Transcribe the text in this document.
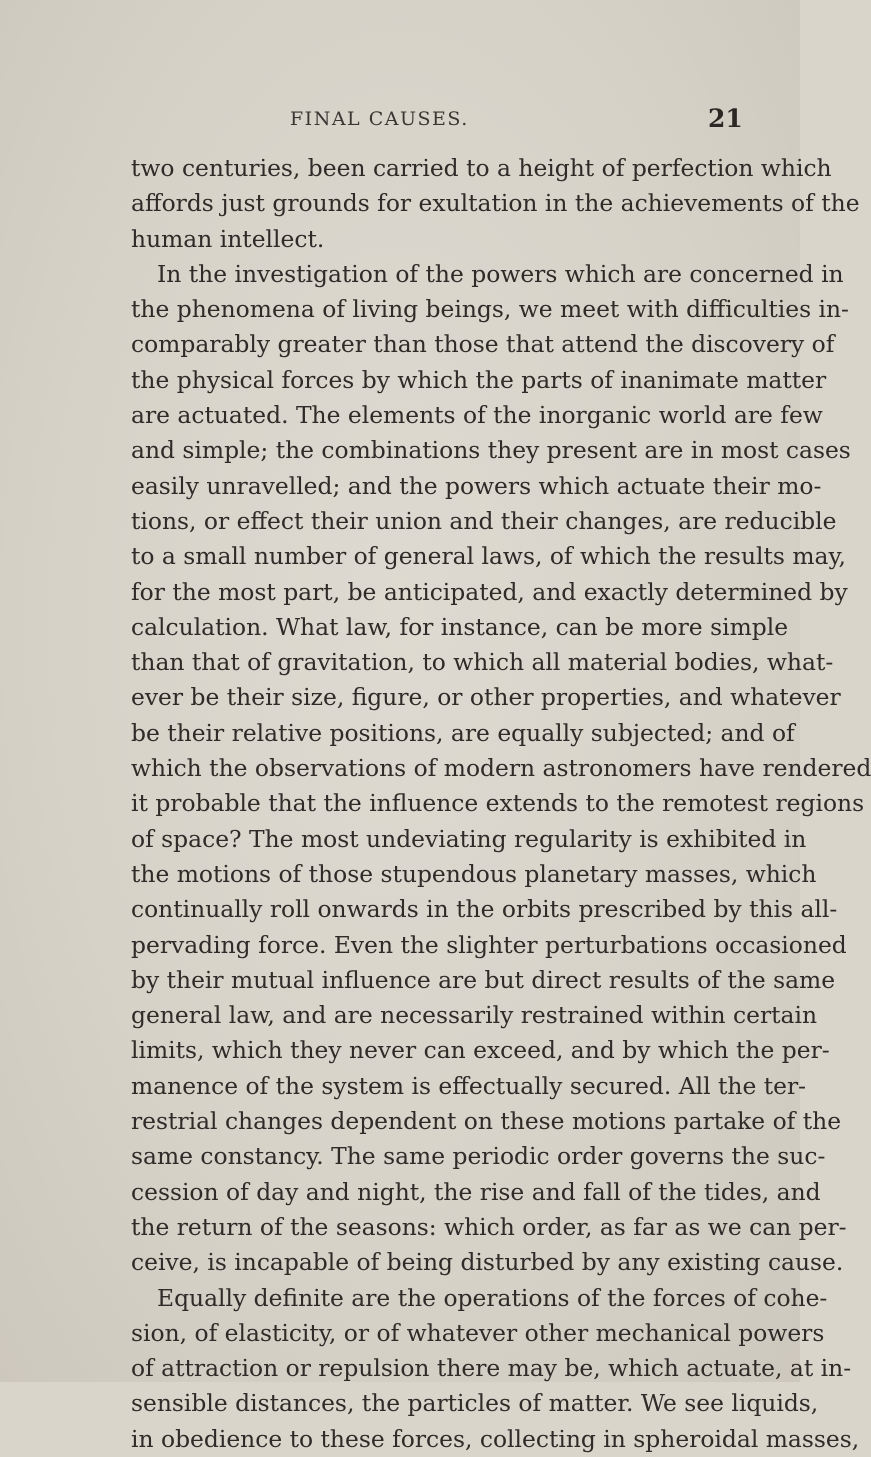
FINAL CAUSES.	21
two centuries, been carried to a height of perfection which
affords just grounds for exultation in the achievements of the
human intellect.
In the investigation of the powers which are concerned in
the phenomena of living beings, we meet with difficulties in-
comparably greater than those that attend the discovery of
the physical forces by which the parts of inanimate matter
are actuated. The elements of the inorganic world are few
and simple; the combinations they present are in most cases
easily unravelled; and the powers which actuate their mo-
tions, or effect their union and their changes, are reducible
to a small number of general laws, of which the results may,
for the most part, be anticipated, and exactly determined by
calculation. What law, for instance, can be more simple
than that of gravitation, to which all material bodies, what-
ever be their size, figure, or other properties, and whatever
be their relative positions, are equally subjected; and of
which the observations of modern astronomers have rendered
it probable that the influence extends to the remotest regions
of space? The most undeviating regularity is exhibited in
the motions of those stupendous planetary masses, which
continually roll onwards in the orbits prescribed by this all-
pervading force. Even the slighter perturbations occasioned
by their mutual influence are but direct results of the same
general law, and are necessarily restrained within certain
limits, which they never can exceed, and by which the per-
manence of the system is effectually secured. All the ter-
restrial changes dependent on these motions partake of the
same constancy. The same periodic order governs the suc-
cession of day and night, the rise and fall of the tides, and
the return of the seasons: which order, as far as we can per-
ceive, is incapable of being disturbed by any existing cause.
Equally definite are the operations of the forces of cohe-
sion, of elasticity, or of whatever other mechanical powers
of attraction or repulsion there may be, which actuate, at in-
sensible distances, the particles of matter. We see liquids,
in obedience to these forces, collecting in spheroidal masses,
